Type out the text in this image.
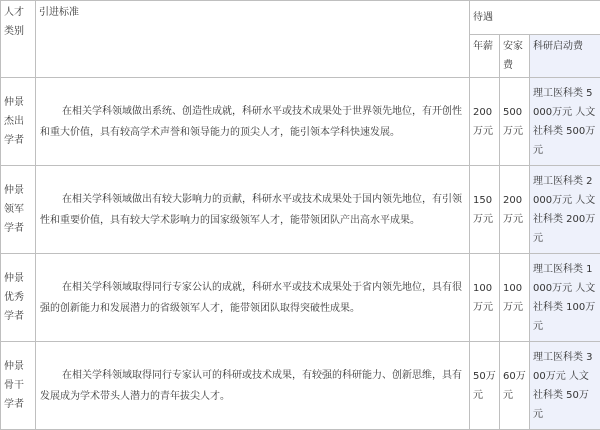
人才类别	引进标准	待遇		
		年薪	安家费	科研启动费
仲景杰出学者	在相关学科领域做出系统、创造性成就，科研水平或技术成果处于世界领先地位，有开创性和重大价值，具有较高学术声誉和领导能力的顶尖人才，能引领本学科快速发展。	200万元	500万元	理工医科类 5000万元 人文社科类 500万元
仲景领军学者	在相关学科领域做出有较大影响力的贡献，科研水平或技术成果处于国内领先地位，有引领性和重要价值，具有较大学术影响力的国家级领军人才，能带领团队产出高水平成果。	150万元	200万元	理工医科类 2000万元 人文社科类 200万元
仲景优秀学者	在相关学科领域取得同行专家公认的成就，科研水平或技术成果处于省内领先地位，具有很强的创新能力和发展潜力的省级领军人才，能带领团队取得突破性成果。	100万元	100万元	理工医科类 1000万元 人文社科类 100万元
仲景骨干学者	在相关学科领域取得同行专家认可的科研或技术成果，有较强的科研能力、创新思维，具有发展成为学术带头人潜力的青年拔尖人才。	50万元	60万元	理工医科类 300万元 人文社科类 50万元
